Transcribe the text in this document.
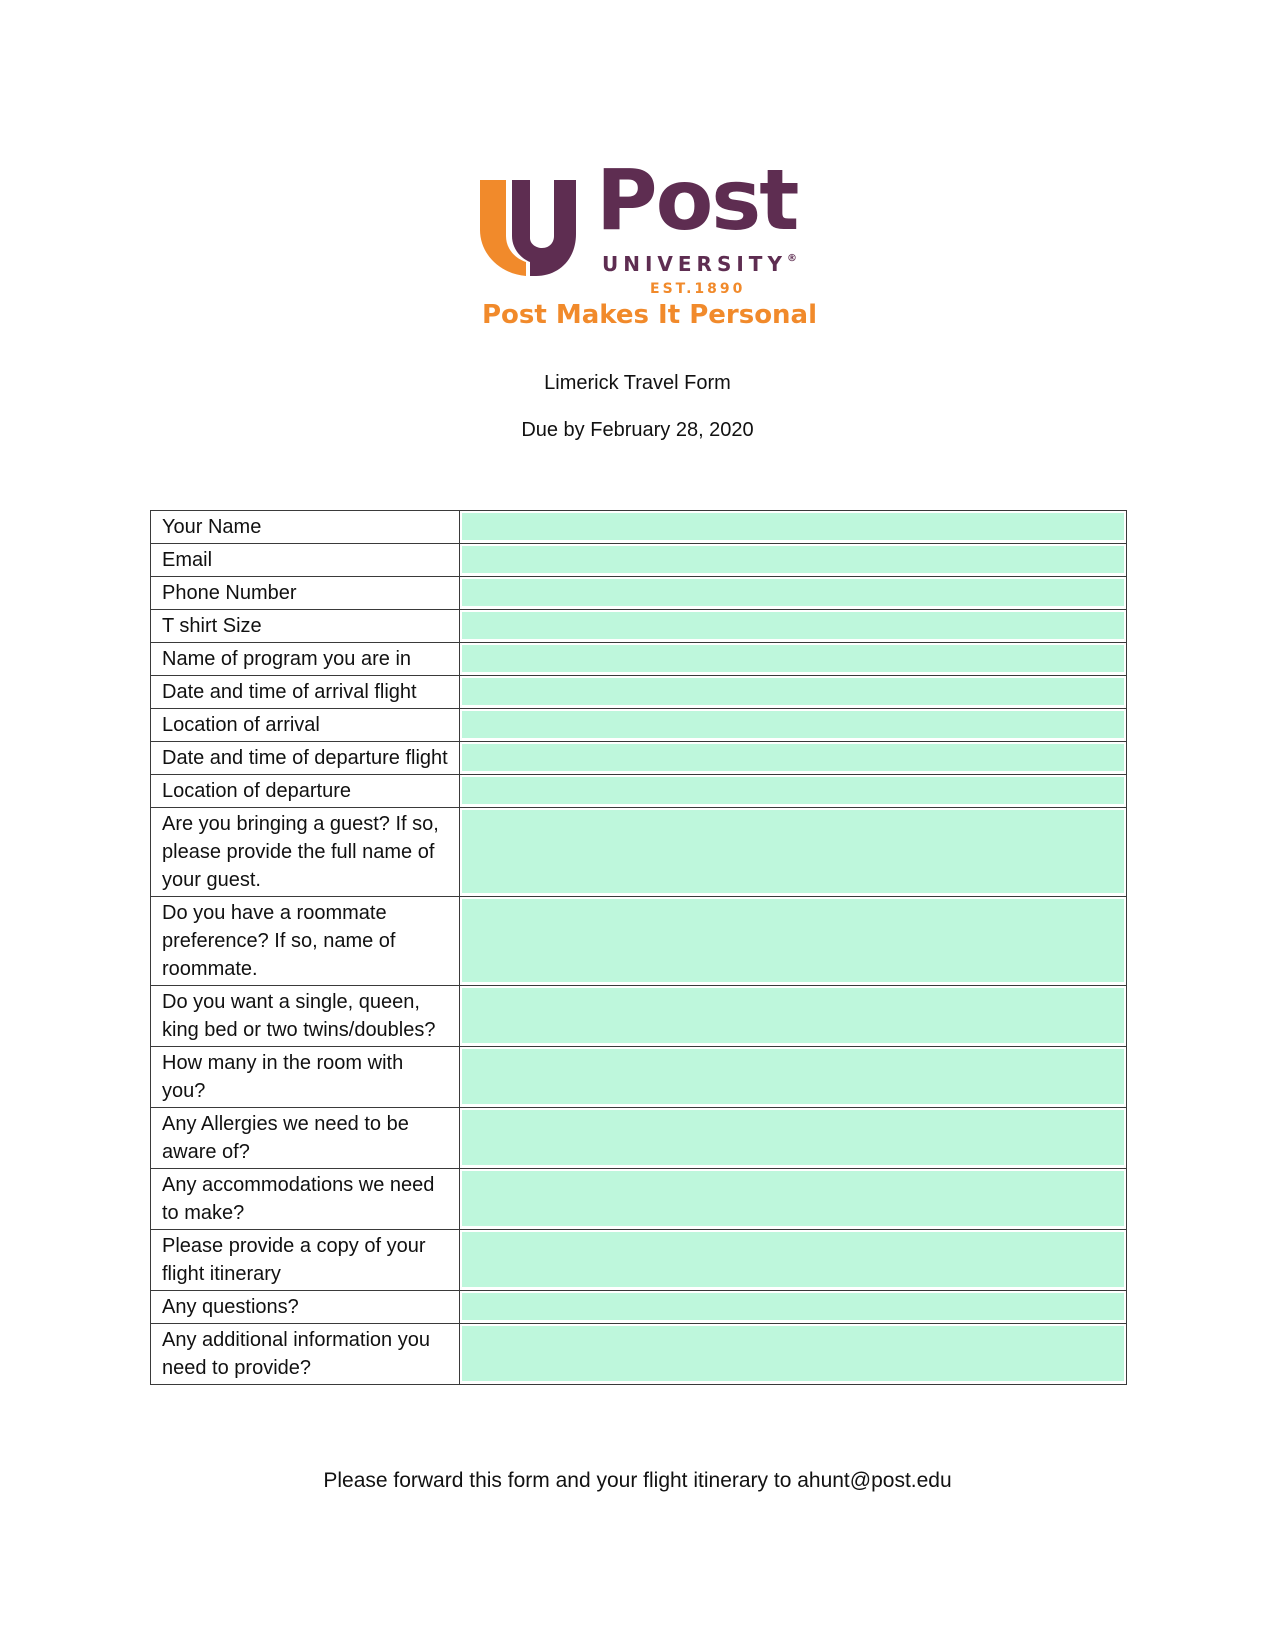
Post
UNIVERSITY®
EST.1890
Post Makes It Personal
Limerick Travel Form
Due by February 28, 2020
Your Name	

Email	

Phone Number	

T shirt Size	

Name of program you are in	

Date and time of arrival flight	

Location of arrival	

Date and time of departure flight	

Location of departure	

Are you bringing a guest? If so, please provide the full name of your guest.	

Do you have a roommate preference? If so, name of roommate.	

Do you want a single, queen, king bed or two twins/doubles?	

How many in the room with you?	

Any Allergies we need to be aware of?	

Any accommodations we need to make?	

Please provide a copy of your flight itinerary	

Any questions?	

Any additional information you need to provide?	
Please forward this form and your flight itinerary to ahunt@post.edu
